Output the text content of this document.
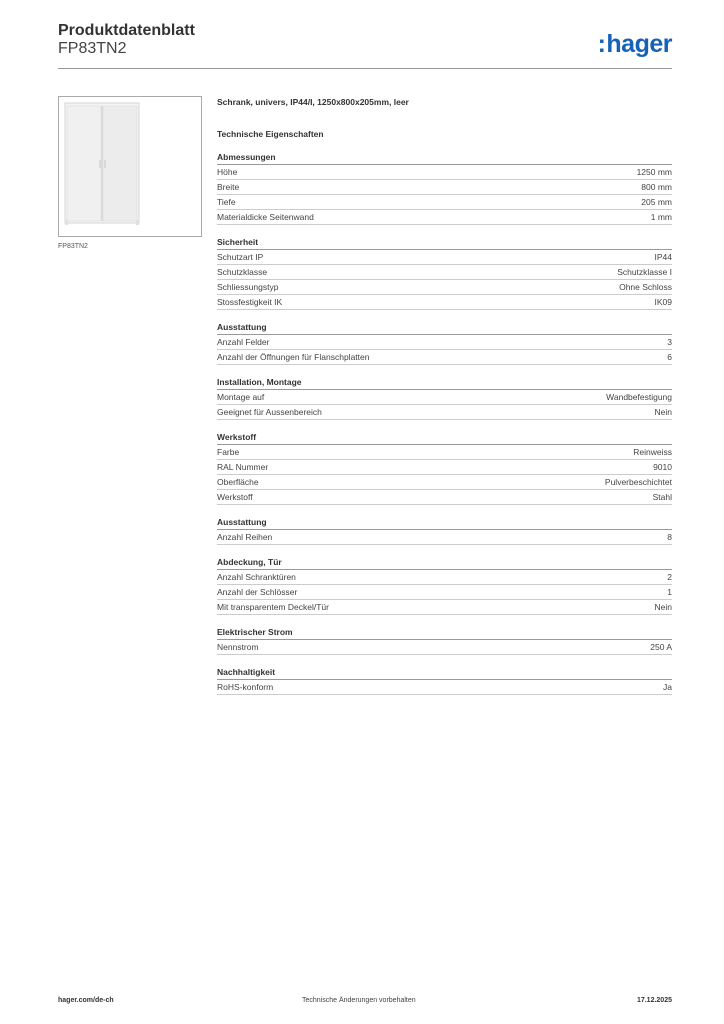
Produktdatenblatt
FP83TN2	:hager
FP83TN2
Schrank, univers, IP44/I, 1250x800x205mm, leer
Technische Eigenschaften
Abmessungen
Höhe	1250 mm
Breite	800 mm
Tiefe	205 mm
Materialdicke Seitenwand	1 mm
Sicherheit
Schutzart IP	IP44
Schutzklasse	Schutzklasse I
Schliessungstyp	Ohne Schloss
Stossfestigkeit IK	IK09
Ausstattung
Anzahl Felder	3
Anzahl der Öffnungen für Flanschplatten	6
Installation, Montage
Montage auf	Wandbefestigung
Geeignet für Aussenbereich	Nein
Werkstoff
Farbe	Reinweiss
RAL Nummer	9010
Oberfläche	Pulverbeschichtet
Werkstoff	Stahl
Ausstattung
Anzahl Reihen	8
Abdeckung, Tür
Anzahl Schranktüren	2
Anzahl der Schlösser	1
Mit transparentem Deckel/Tür	Nein
Elektrischer Strom
Nennstrom	250 A
Nachhaltigkeit
RoHS-konform	Ja
hager.com/de-ch	Technische Änderungen vorbehalten	17.12.2025
